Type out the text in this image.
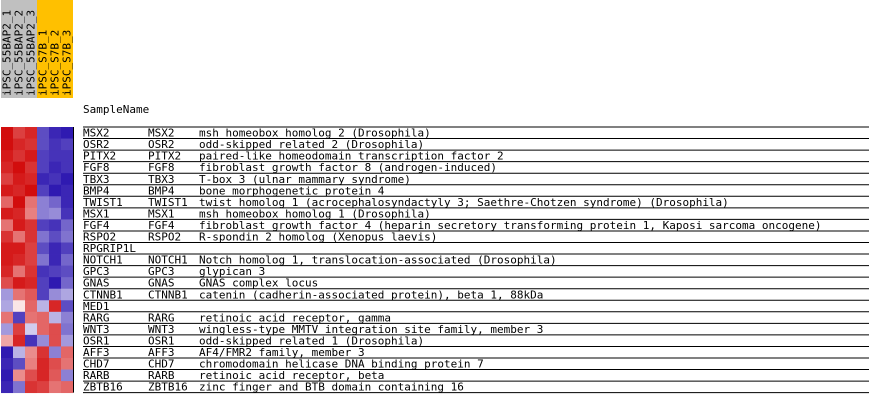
iPSC_55BAP2_1 iPSC_55BAP2_2 iPSC_55BAP2_3 iPSC_S7B_1 iPSC_S7B_2 iPSC_S7B_3
SampleName
MSX2	MSX2 msh homeobox homolog 2 (Drosophila)
OSR2	OSR2 odd-skipped related 2 (Drosophila)
PITX2	PITX2 paired-like homeodomain transcription factor 2
FGF8	FGF8 fibroblast growth factor 8 (androgen-induced)
TBX3	TBX3 T-box 3 (ulnar mammary syndrome)
BMP4	BMP4 bone morphogenetic protein 4
TWIST1 TWIST1 twist homolog 1 (acrocephalosyndactyly 3; Saethre-Chotzen syndrome) (Drosophila)
MSX1	MSX1 msh homeobox homolog 1 (Drosophila)
FGF4	FGF4 fibroblast growth factor 4 (heparin secretory transforming protein 1, Kaposi sarcoma oncogene)
RSPO2	RSPO2 R-spondin 2 homolog (Xenopus laevis)
RPGRIP1L
NOTCH1 NOTCH1 Notch homolog 1, translocation-associated (Drosophila)
GPC3	GPC3 glypican 3
GNAS	GNAS GNAS complex locus
CTNNB1 CTNNB1 catenin (cadherin-associated protein), beta 1, 88kDa
MED1
RARG	RARG retinoic acid receptor, gamma
WNT3	WNT3 wingless-type MMTV integration site family, member 3
OSR1	OSR1 odd-skipped related 1 (Drosophila)
AFF3	AFF3 AF4/FMR2 family, member 3
CHD7	CHD7 chromodomain helicase DNA binding protein 7
RARB	RARB retinoic acid receptor, beta
ZBTB16 ZBTB16 zinc finger and BTB domain containing 16
